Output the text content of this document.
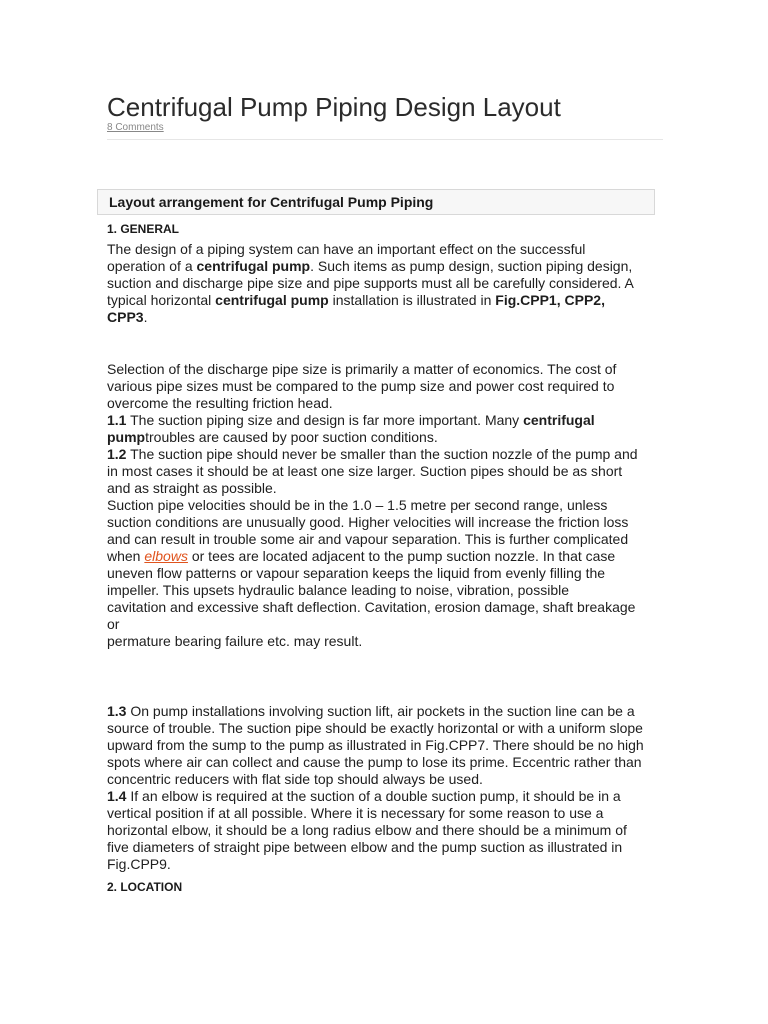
Centrifugal Pump Piping Design Layout
8 Comments
Layout arrangement for Centrifugal Pump Piping
1. GENERAL

The design of a piping system can have an important effect on the successful
operation of a centrifugal pump. Such items as pump design, suction piping design,
suction and discharge pipe size and pipe supports must all be carefully considered. A
typical horizontal centrifugal pump installation is illustrated in Fig.CPP1, CPP2,
CPP3.

Selection of the discharge pipe size is primarily a matter of economics. The cost of
various pipe sizes must be compared to the pump size and power cost required to
overcome the resulting friction head.
1.1 The suction piping size and design is far more important. Many centrifugal
pumptroubles are caused by poor suction conditions.
1.2 The suction pipe should never be smaller than the suction nozzle of the pump and
in most cases it should be at least one size larger. Suction pipes should be as short
and as straight as possible.
Suction pipe velocities should be in the 1.0 – 1.5 metre per second range, unless
suction conditions are unusually good. Higher velocities will increase the friction loss
and can result in trouble some air and vapour separation. This is further complicated
when elbows or tees are located adjacent to the pump suction nozzle. In that case
uneven flow patterns or vapour separation keeps the liquid from evenly filling the
impeller. This upsets hydraulic balance leading to noise, vibration, possible
cavitation and excessive shaft deflection. Cavitation, erosion damage, shaft breakage
or
permature bearing failure etc. may result.

1.3 On pump installations involving suction lift, air pockets in the suction line can be a
source of trouble. The suction pipe should be exactly horizontal or with a uniform slope
upward from the sump to the pump as illustrated in Fig.CPP7. There should be no high
spots where air can collect and cause the pump to lose its prime. Eccentric rather than
concentric reducers with flat side top should always be used.
1.4 If an elbow is required at the suction of a double suction pump, it should be in a
vertical position if at all possible. Where it is necessary for some reason to use a
horizontal elbow, it should be a long radius elbow and there should be a minimum of
five diameters of straight pipe between elbow and the pump suction as illustrated in
Fig.CPP9.

2. LOCATION
